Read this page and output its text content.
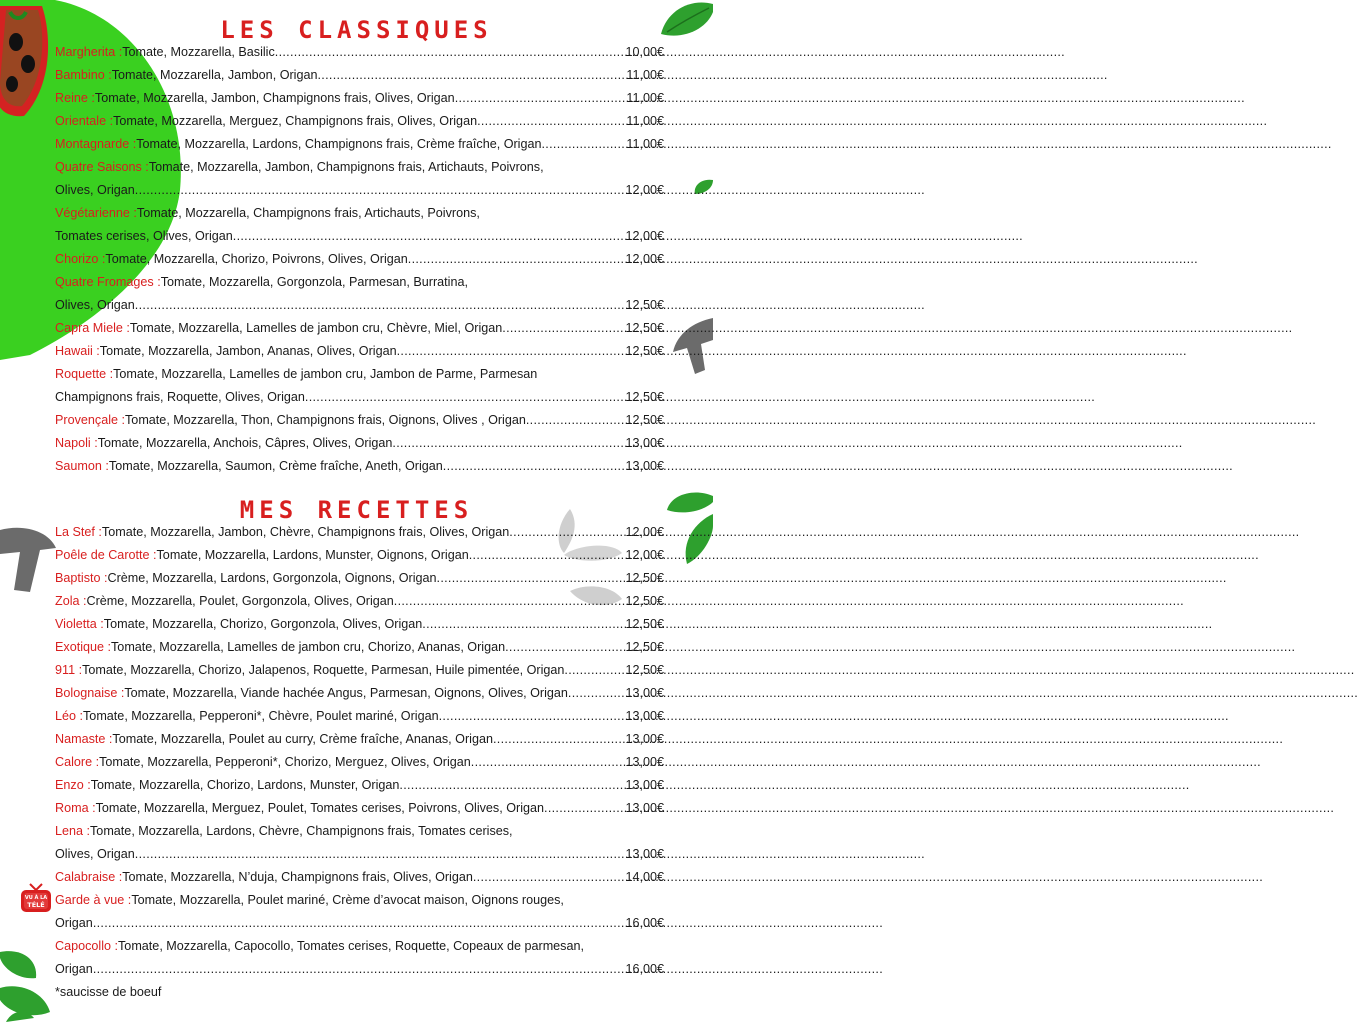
VU À LA
TÉLÉ
LES CLASSIQUES
MES RECETTES
Margherita : Tomate, Mozzarella, Basilic .....	10,00€
Bambino : Tomate, Mozzarella, Jambon, Origan .....	11,00€
Reine : Tomate, Mozzarella, Jambon, Champignons frais, Olives, Origan .....	11,00€
Orientale : Tomate, Mozzarella, Merguez, Champignons frais, Olives, Origan .....	11,00€
Montagnarde : Tomate, Mozzarella, Lardons, Champignons frais, Crème fraîche, Origan .....	11,00€
Quatre Saisons : Tomate, Mozzarella, Jambon, Champignons frais, Artichauts, Poivrons,
Olives, Origan .....	12,00€
Végétarienne : Tomate, Mozzarella, Champignons frais, Artichauts, Poivrons,
Tomates cerises, Olives, Origan .....	12,00€
Chorizo : Tomate, Mozzarella, Chorizo, Poivrons, Olives, Origan .....	12,00€
Quatre Fromages : Tomate, Mozzarella, Gorgonzola, Parmesan, Burratina,
Olives, Origan .....	12,50€
Capra Miele : Tomate, Mozzarella, Lamelles de jambon cru, Chèvre, Miel, Origan .....	12,50€
Hawaii : Tomate, Mozzarella, Jambon, Ananas, Olives, Origan .....	12,50€
Roquette : Tomate, Mozzarella, Lamelles de jambon cru, Jambon de Parme, Parmesan
Champignons frais, Roquette, Olives, Origan .....	12,50€
Provençale : Tomate, Mozzarella, Thon, Champignons frais, Oignons, Olives , Origan .....	12,50€
Napoli : Tomate, Mozzarella, Anchois, Câpres, Olives, Origan .....	13,00€
Saumon : Tomate, Mozzarella, Saumon, Crème fraîche, Aneth, Origan .....	13,00€
La Stef : Tomate, Mozzarella, Jambon, Chèvre, Champignons frais, Olives, Origan .....	12,00€
Poêle de Carotte : Tomate, Mozzarella, Lardons, Munster, Oignons, Origan .....	12,00€
Baptisto : Crème, Mozzarella, Lardons, Gorgonzola, Oignons, Origan .....	12,50€
Zola : Crème, Mozzarella, Poulet, Gorgonzola, Olives, Origan .....	12,50€
Violetta : Tomate, Mozzarella, Chorizo, Gorgonzola, Olives, Origan .....	12,50€
Exotique : Tomate, Mozzarella, Lamelles de jambon cru, Chorizo, Ananas, Origan .....	12,50€
911 : Tomate, Mozzarella, Chorizo, Jalapenos, Roquette, Parmesan, Huile pimentée, Origan .....	12,50€
Bolognaise : Tomate, Mozzarella, Viande hachée Angus, Parmesan, Oignons, Olives, Origan .....	13,00€
Léo : Tomate, Mozzarella, Pepperoni*, Chèvre, Poulet mariné, Origan .....	13,00€
Namaste : Tomate, Mozzarella, Poulet au curry, Crème fraîche, Ananas, Origan .....	13,00€
Calore : Tomate, Mozzarella, Pepperoni*, Chorizo, Merguez, Olives, Origan .....	13,00€
Enzo : Tomate, Mozzarella, Chorizo, Lardons, Munster, Origan .....	13,00€
Roma : Tomate, Mozzarella, Merguez, Poulet, Tomates cerises, Poivrons, Olives, Origan .....	13,00€
Lena : Tomate, Mozzarella, Lardons, Chèvre, Champignons frais, Tomates cerises,
Olives, Origan .....	13,00€
Calabraise : Tomate, Mozzarella, N’duja, Champignons frais, Olives, Origan .....	14,00€
Garde à vue : Tomate, Mozzarella, Poulet mariné, Crème d’avocat maison, Oignons rouges,
Origan .....	16,00€
Capocollo : Tomate, Mozzarella, Capocollo, Tomates cerises, Roquette, Copeaux de parmesan,
Origan .....	16,00€
*saucisse de boeuf
